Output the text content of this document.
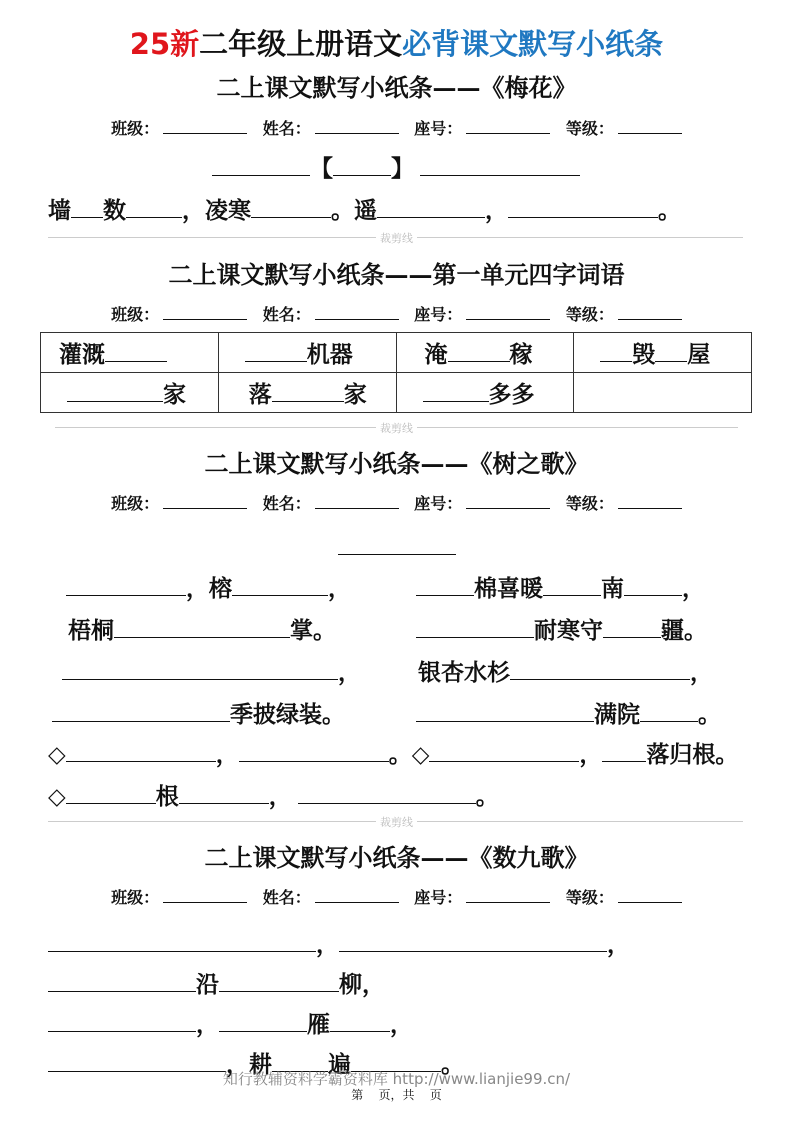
25新二年级上册语文必背课文默写小纸条
二上课文默写小纸条——《梅花》
班级：	姓名：	座号：	等级：
【	】
墙 数 ，凌寒	。遥	，	。
裁剪线
二上课文默写小纸条——第一单元四字词语
班级：	姓名：	座号：	等级：
灌溉	机器	淹 稼	毁 屋
家	落 家	多多	
裁剪线
二上课文默写小纸条——《树之歌》
班级：	姓名：	座号：	等级：
，榕	，	棉喜暖	南	，
梧桐	掌。	耐寒守	疆。
， 银杏水杉	，
季披绿装。	满院	。
◇	，	。◇	， 落归根。
◇	根	，	。
裁剪线
二上课文默写小纸条——《数九歌》
班级：	姓名：	座号：	等级：
，	，
沿	柳，
，	雁	，
，耕 遍	。
知行教辅资料学霸资料库 http://www.lianjie99.cn/
第    页，共    页
